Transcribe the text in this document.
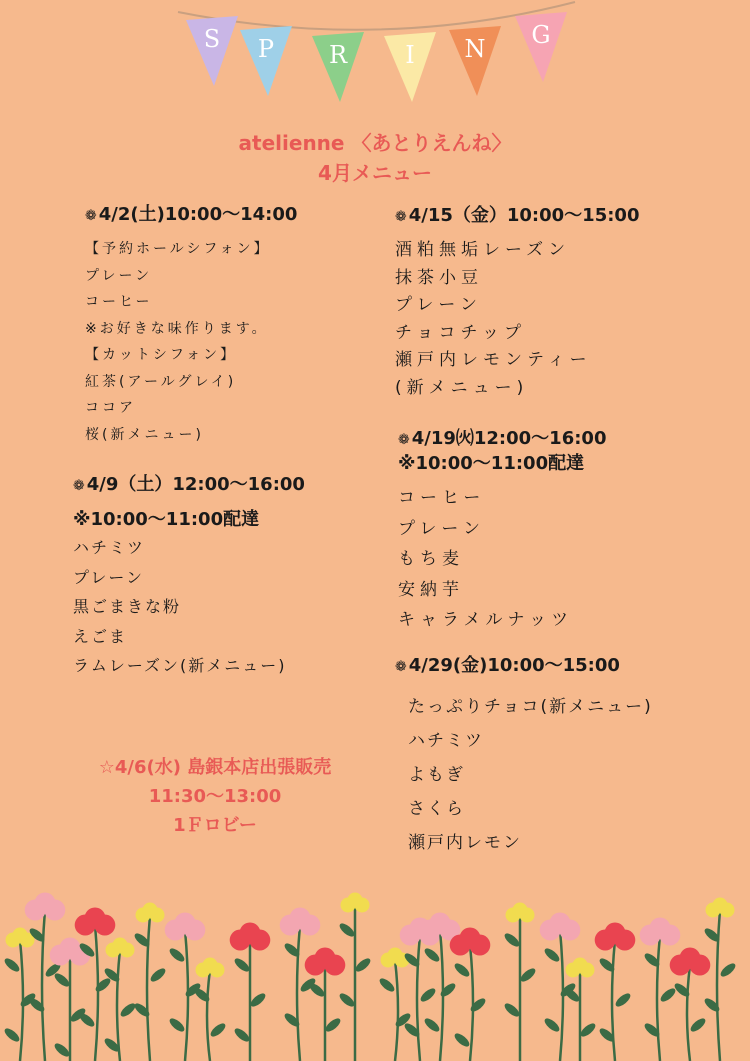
S P R I N G
atelienne 〈あとりえんね〉
4月メニュー
❁ 4/2(土)10:00〜14:00
【予約ホールシフォン】
プレーン
コーヒー
※お好きな味作ります。
【カットシフォン】
紅茶(アールグレイ)
ココア
桜(新メニュー)
❁ 4/9（土）12:00〜16:00
※10:00〜11:00配達
ハチミツ
プレーン
黒ごまきな粉
えごま
ラムレーズン(新メニュー)
❁ 4/15（金）10:00〜15:00
酒粕無垢レーズン
抹茶小豆
プレーン
チョコチップ
瀬戸内レモンティー
(新メニュー)
❁ 4/19㈫12:00〜16:00
※10:00〜11:00配達
コーヒー
プレーン
もち麦
安納芋
キャラメルナッツ
❁ 4/29(金)10:00〜15:00
たっぷりチョコ(新メニュー)
ハチミツ
よもぎ
さくら
瀬戸内レモン
☆4/6(水) 島銀本店出張販売
11:30〜13:00
1Ｆロビー
